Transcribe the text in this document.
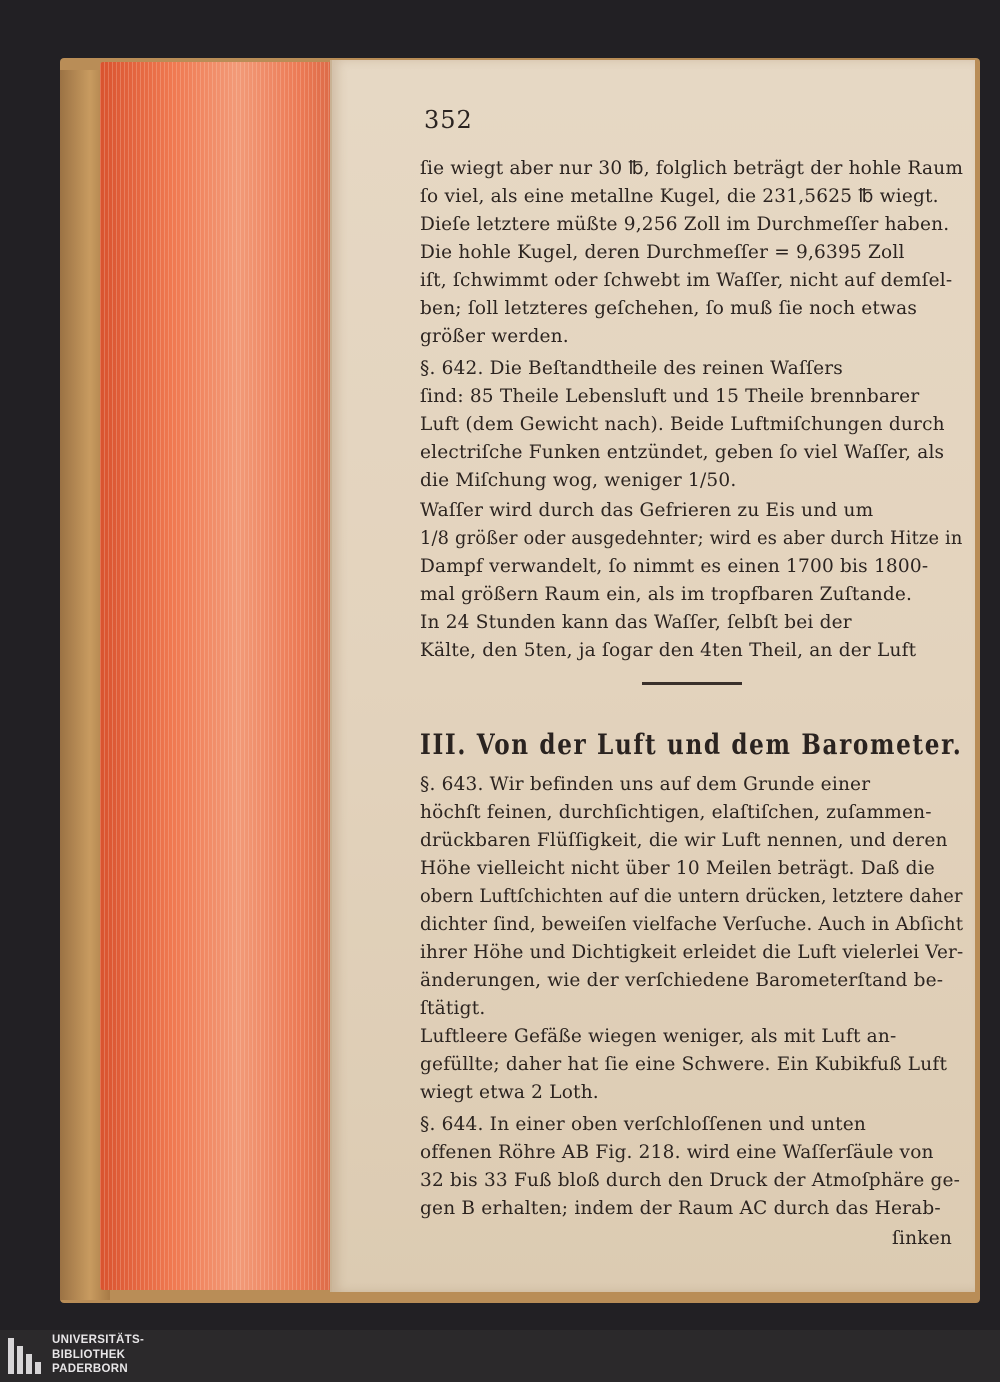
352
ſie wiegt aber nur 30 ℔, folglich beträgt der hohle Raum
ſo viel, als eine metallne Kugel, die 231,5625 ℔ wiegt.
Dieſe letztere müßte 9,256 Zoll im Durchmeſſer haben.
Die hohle Kugel, deren Durchmeſſer = 9,6395 Zoll
iſt, ſchwimmt oder ſchwebt im Waſſer, nicht auf demſel-
ben; ſoll letzteres geſchehen, ſo muß ſie noch etwas
größer werden.
§. 642. Die Beſtandtheile des reinen Waſſers
ſind: 85 Theile Lebensluft und 15 Theile brennbarer
Luft (dem Gewicht nach). Beide Luftmiſchungen durch
electriſche Funken entzündet, geben ſo viel Waſſer, als
die Miſchung wog, weniger 1/50.
Waſſer wird durch das Gefrieren zu Eis und um
1/8 größer oder ausgedehnter; wird es aber durch Hitze in
Dampf verwandelt, ſo nimmt es einen 1700 bis 1800-
mal größern Raum ein, als im tropfbaren Zuſtande.
In 24 Stunden kann das Waſſer, ſelbſt bei der
Kälte, den 5ten, ja ſogar den 4ten Theil, an der Luft
III. Von der Luft und dem Barometer.
§. 643. Wir befinden uns auf dem Grunde einer
höchſt feinen, durchſichtigen, elaſtiſchen, zuſammen-
drückbaren Flüſſigkeit, die wir Luft nennen, und deren
Höhe vielleicht nicht über 10 Meilen beträgt. Daß die
obern Luftſchichten auf die untern drücken, letztere daher
dichter ſind, beweiſen vielfache Verſuche. Auch in Abſicht
ihrer Höhe und Dichtigkeit erleidet die Luft vielerlei Ver-
änderungen, wie der verſchiedene Barometerſtand be-
ſtätigt.
Luftleere Gefäße wiegen weniger, als mit Luft an-
gefüllte; daher hat ſie eine Schwere. Ein Kubikfuß Luft
wiegt etwa 2 Loth.
§. 644. In einer oben verſchloſſenen und unten
offenen Röhre AB Fig. 218. wird eine Waſſerſäule von
32 bis 33 Fuß bloß durch den Druck der Atmoſphäre ge-
gen B erhalten; indem der Raum AC durch das Herab-
ſinken
UNIVERSITÄTS-
BIBLIOTHEK
PADERBORN
